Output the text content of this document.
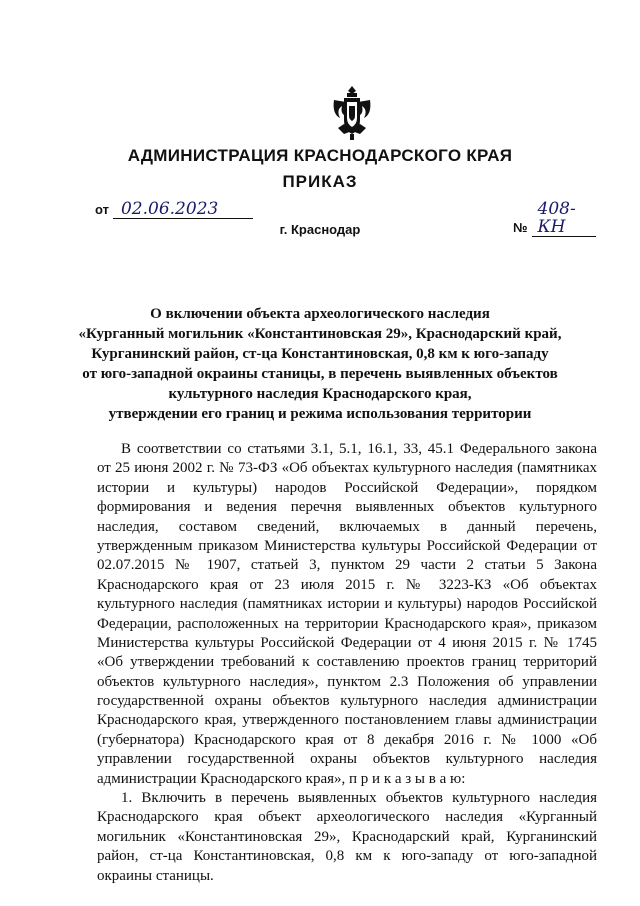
АДМИНИСТРАЦИЯ КРАСНОДАРСКОГО КРАЯ
ПРИКАЗ
от 02.06.2023
№408-КН
г. Краснодар
О включении объекта археологического наследия
«Курганный могильник «Константиновская 29», Краснодарский край,
Курганинский район, ст-ца Константиновская, 0,8 км к юго-западу
от юго-западной окраины станицы, в перечень выявленных объектов
культурного наследия Краснодарского края,
утверждении его границ и режима использования территории
В соответствии со статьями 3.1, 5.1, 16.1, 33, 45.1 Федерального закона
от 25 июня 2002 г. № 73-ФЗ «Об объектах культурного наследия (памятниках
истории и культуры) народов Российской Федерации», порядком
формирования и ведения перечня выявленных объектов культурного
наследия, составом сведений, включаемых в данный перечень,
утвержденным приказом Министерства культуры Российской Федерации от
02.07.2015 № 1907, статьей 3, пунктом 29 части 2 статьи 5 Закона
Краснодарского края от 23 июля 2015 г. № 3223-КЗ «Об объектах
культурного наследия (памятниках истории и культуры) народов Российской
Федерации, расположенных на территории Краснодарского края», приказом
Министерства культуры Российской Федерации от 4 июня 2015 г. № 1745
«Об утверждении требований к составлению проектов границ территорий
объектов культурного наследия», пунктом 2.3 Положения об управлении
государственной охраны объектов культурного наследия администрации
Краснодарского края, утвержденного постановлением главы администрации
(губернатора) Краснодарского края от 8 декабря 2016 г. № 1000 «Об
управлении государственной охраны объектов культурного наследия
администрации Краснодарского края», п р и к а з ы в а ю:
1. Включить в перечень выявленных объектов культурного наследия
Краснодарского края объект археологического наследия «Курганный
могильник «Константиновская 29», Краснодарский край, Курганинский
район, ст-ца Константиновская, 0,8 км к юго-западу от юго-западной
окраины станицы.
